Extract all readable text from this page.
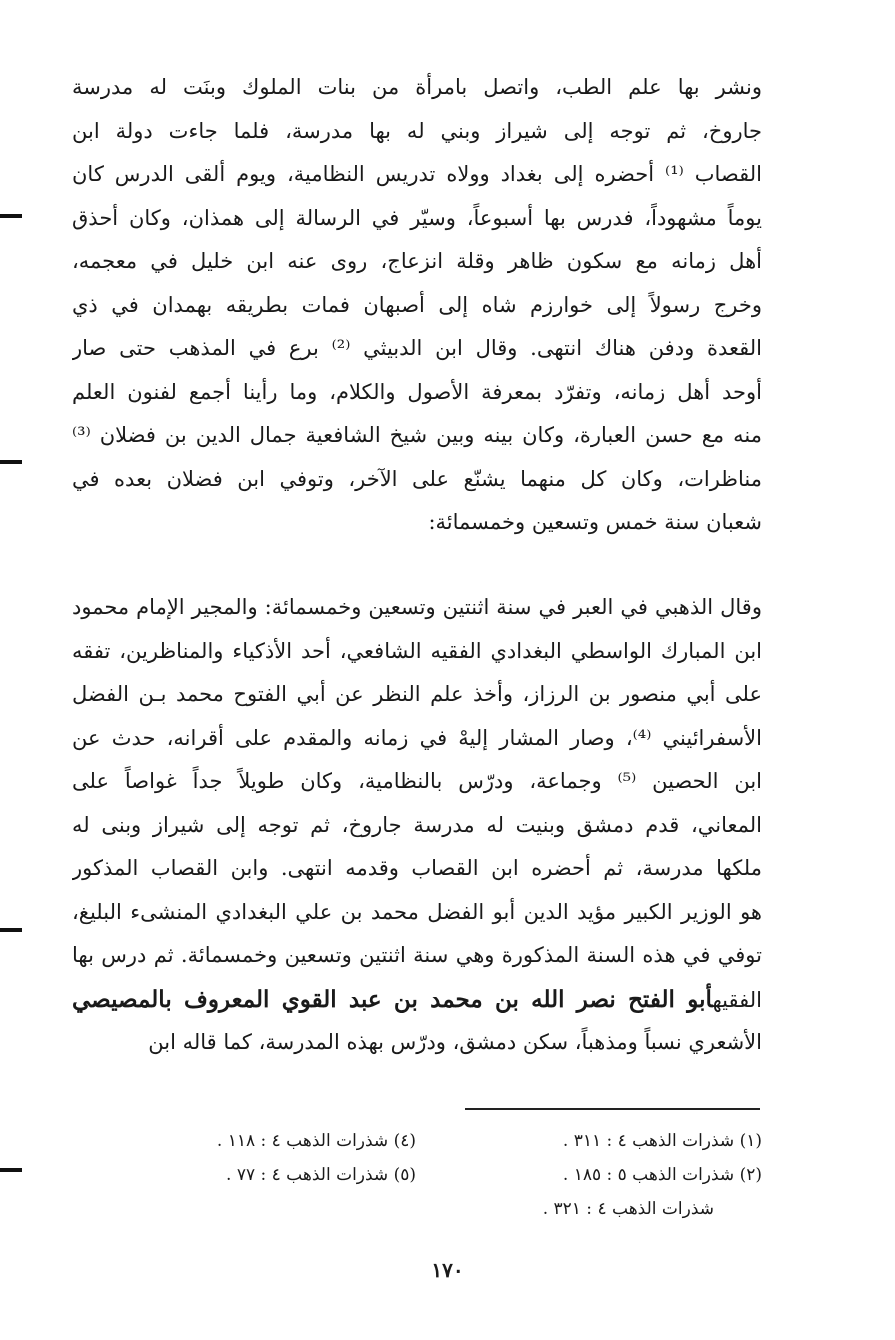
ونشر بها علم الطب، واتصل بامرأة من بنات الملوك وبنَت له مدرسة
جاروخ، ثم توجه إلى شيراز وبني له بها مدرسة، فلما جاءت دولة ابن
القصاب ⁽¹⁾ أحضره إلى بغداد وولاه تدريس النظامية، ويوم ألقى الدرس كان
يوماً مشهوداً، فدرس بها أسبوعاً، وسيّر في الرسالة إلى همذان، وكان أحذق
أهل زمانه مع سكون ظاهر وقلة انزعاج، روى عنه ابن خليل في معجمه،
وخرج رسولاً إلى خوارزم شاه إلى أصبهان فمات بطريقه بهمدان في ذي
القعدة ودفن هناك انتهى. وقال ابن الدبيثي ⁽²⁾ برع في المذهب حتى صار
أوحد أهل زمانه، وتفرّد بمعرفة الأصول والكلام، وما رأينا أجمع لفنون العلم
منه مع حسن العبارة، وكان بينه وبين شيخ الشافعية جمال الدين بن فضلان ⁽³⁾
مناظرات، وكان كل منهما يشنّع على الآخر، وتوفي ابن فضلان بعده في
شعبان سنة خمس وتسعين وخمسمائة:
وقال الذهبي في العبر في سنة اثنتين وتسعين وخمسمائة: والمجير الإمام محمود
ابن المبارك الواسطي البغدادي الفقيه الشافعي، أحد الأذكياء والمناظرين، تفقه
على أبي منصور بن الرزاز، وأخذ علم النظر عن أبي الفتوح محمد بـن الفضل
الأسفرائيني ⁽⁴⁾، وصار المشار إليهْ في زمانه والمقدم على أقرانه، حدث عن
ابن الحصين ⁽⁵⁾ وجماعة، ودرّس بالنظامية، وكان طويلاً جداً غواصاً على
المعاني، قدم دمشق وبنيت له مدرسة جاروخ، ثم توجه إلى شيراز وبنى له
ملكها مدرسة، ثم أحضره ابن القصاب وقدمه انتهى. وابن القصاب المذكور
هو الوزير الكبير مؤيد الدين أبو الفضل محمد بن علي البغدادي المنشىء البليغ،
توفي في هذه السنة المذكورة وهي سنة اثنتين وتسعين وخمسمائة. ثم درس بها
الفقيهأبو الفتح نصر الله بن محمد بن عبد القوي المعروف بالمصيصي
الأشعري نسباً ومذهباً، سكن دمشق، ودرّس بهذه المدرسة، كما قاله ابن
(١) شذرات الذهب ٤ : ٣١١ .
(٤) شذرات الذهب ٤ : ١١٨ .
(٢) شذرات الذهب ٥ : ١٨٥ .
(٥) شذرات الذهب ٤ : ٧٧ .
شذرات الذهب ٤ : ٣٢١ .
١٧٠
